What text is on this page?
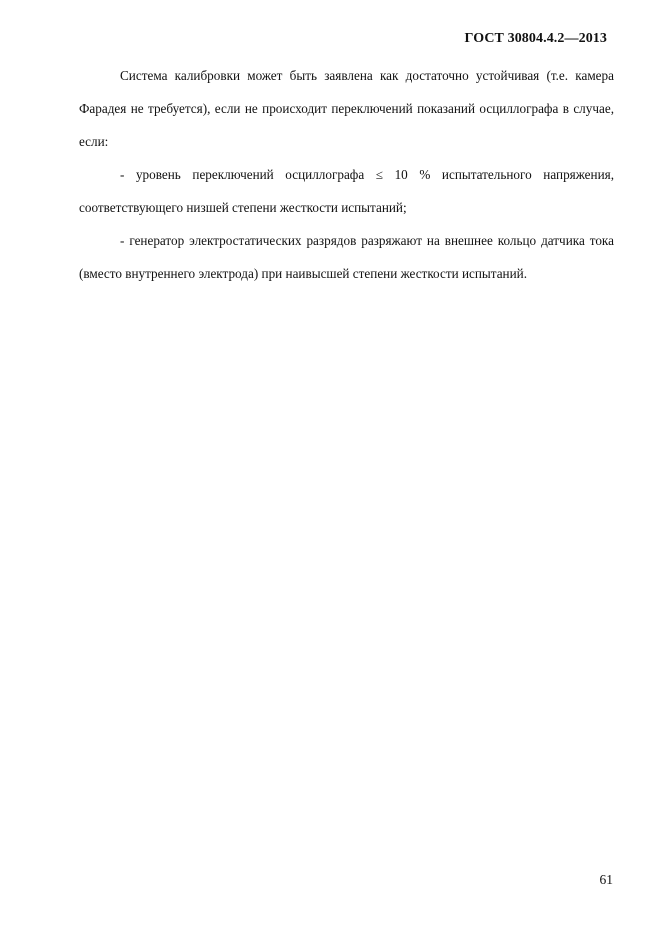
ГОСТ 30804.4.2—2013

Система калибровки может быть заявлена как достаточно устойчивая (т.е. камера Фарадея не требуется), если не происходит переключений показаний осциллографа в случае, если:

- уровень переключений осциллографа ≤ 10 % испытательного напряжения, соответствующего низшей степени жесткости испытаний;

- генератор электростатических разрядов разряжают на внешнее кольцо датчика тока (вместо внутреннего электрода) при наивысшей степени жесткости испытаний.

61
